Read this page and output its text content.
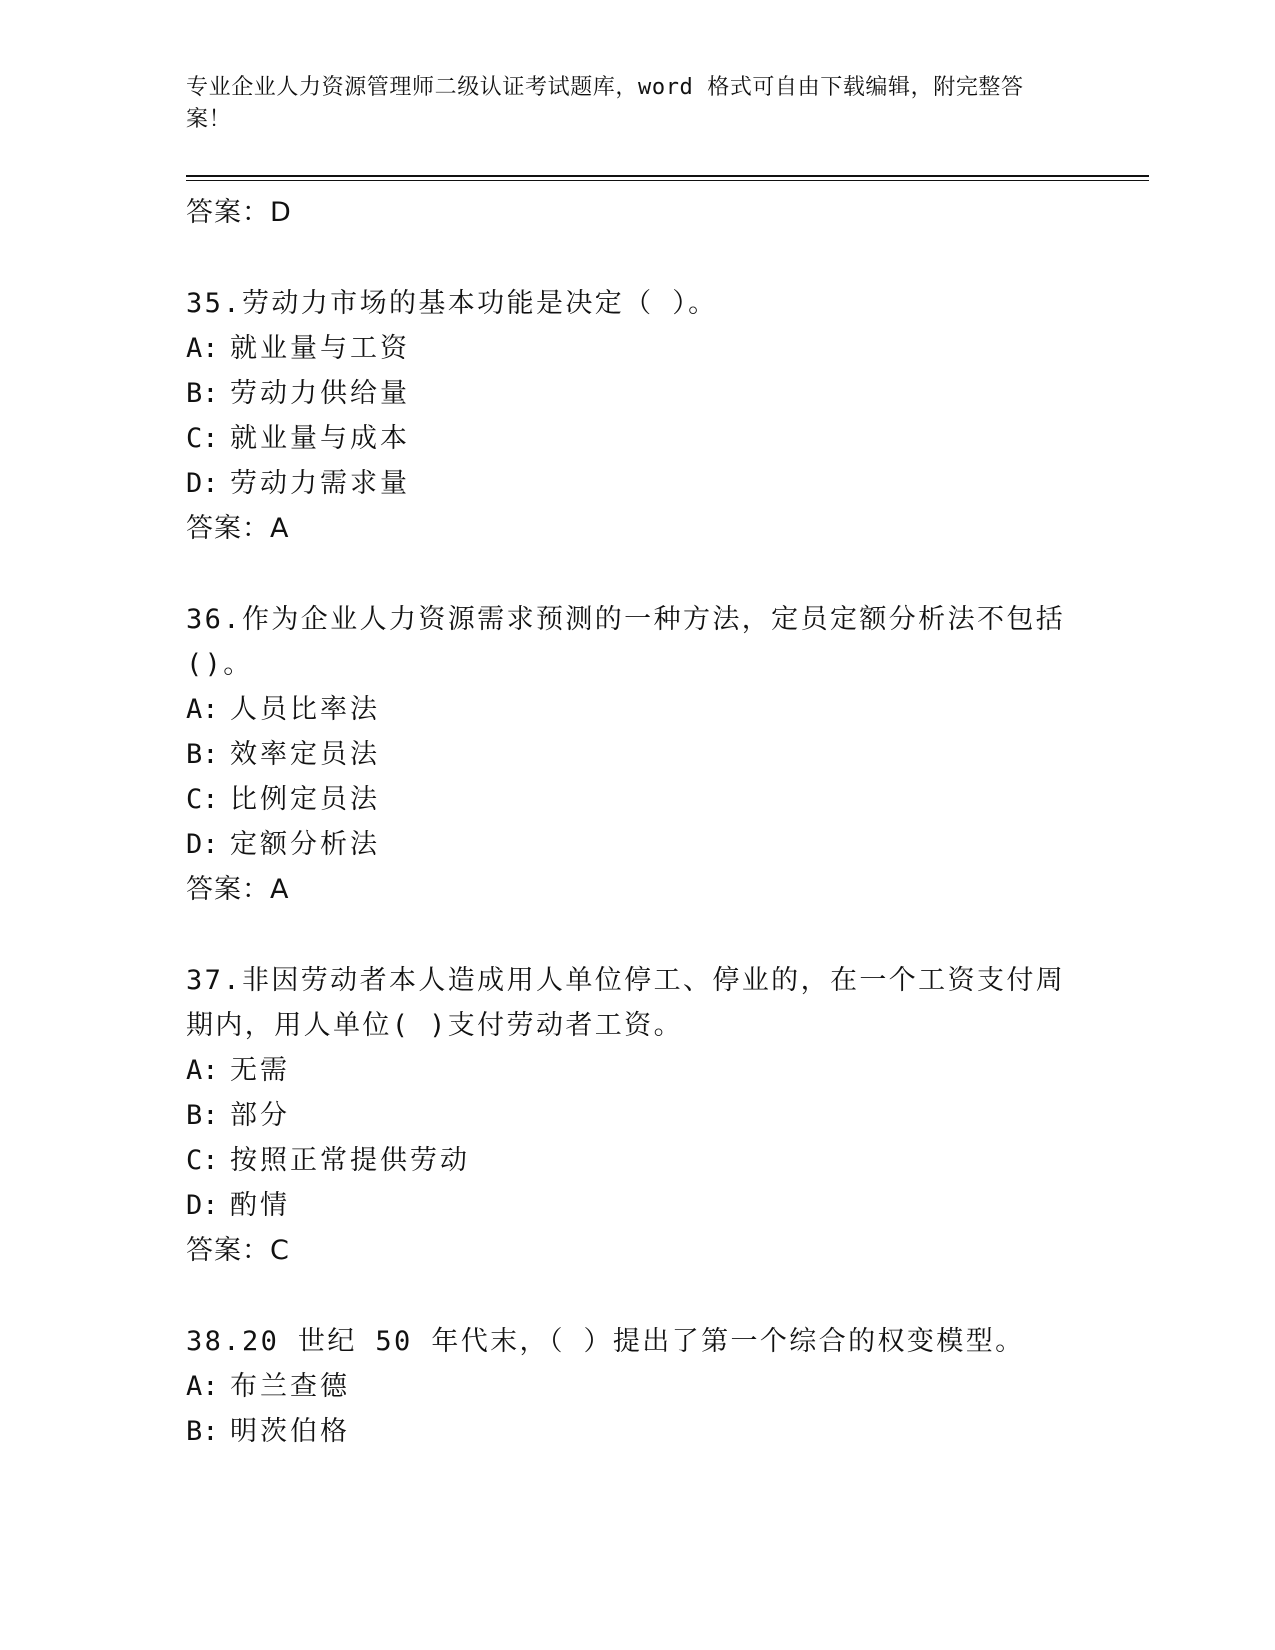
专业企业人力资源管理师二级认证考试题库，word 格式可自由下载编辑，附完整答案！

答案：D

35.劳动力市场的基本功能是决定（ ）。

A: 就业量与工资

B: 劳动力供给量

C: 就业量与成本

D: 劳动力需求量

答案：A

36.作为企业人力资源需求预测的一种方法，定员定额分析法不包括()。

A: 人员比率法

B: 效率定员法

C: 比例定员法

D: 定额分析法

答案：A

37.非因劳动者本人造成用人单位停工、停业的，在一个工资支付周期内，用人单位( )支付劳动者工资。

A: 无需

B: 部分

C: 按照正常提供劳动

D: 酌情

答案：C

38.20 世纪 50 年代末，（ ）提出了第一个综合的权变模型。

A: 布兰查德

B: 明茨伯格
